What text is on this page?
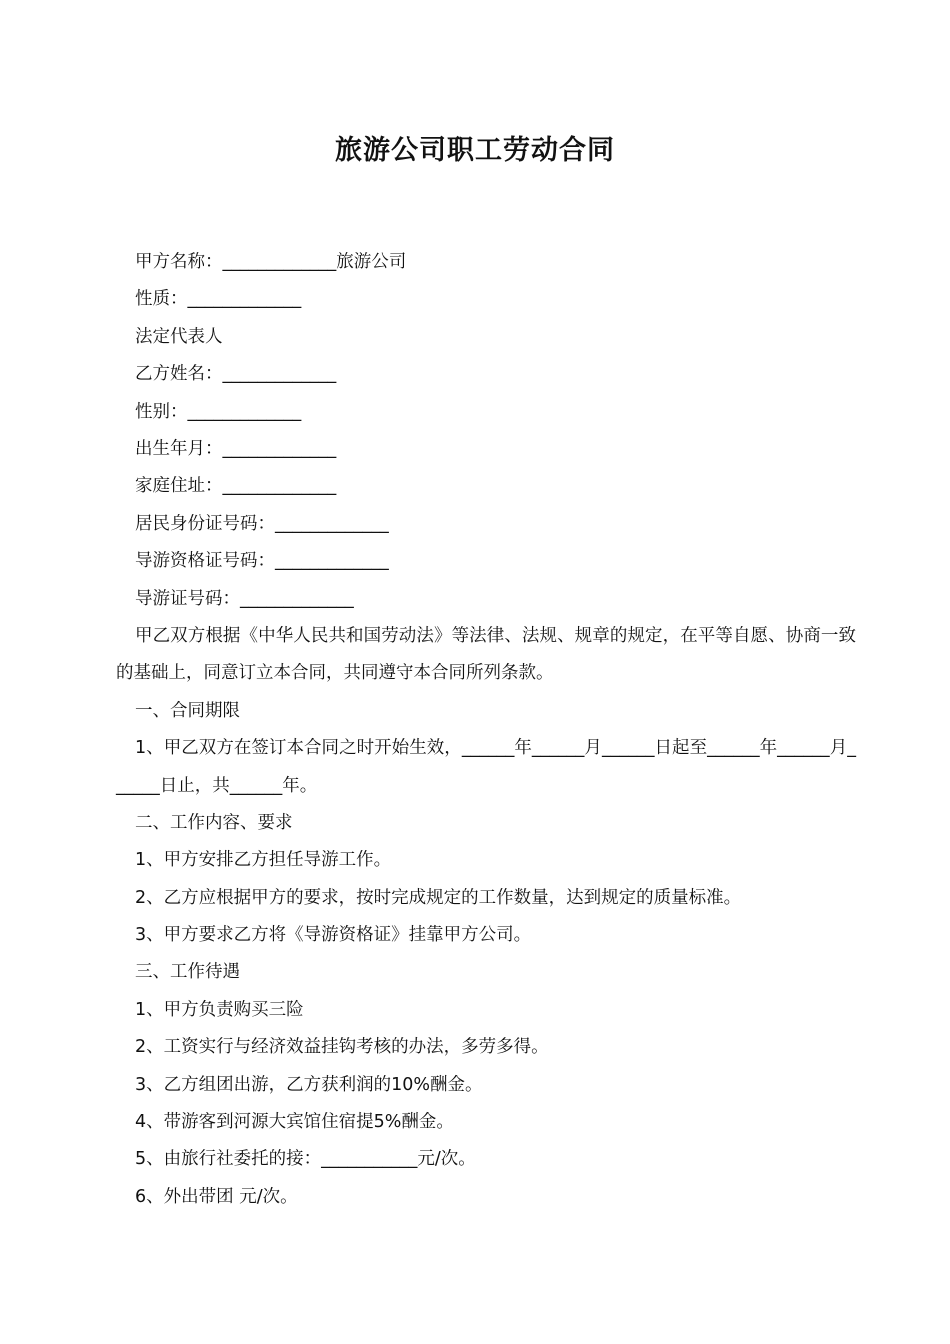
旅游公司职工劳动合同
甲方名称：_____________旅游公司
性质：_____________
法定代表人
乙方姓名：_____________
性别：_____________
出生年月：_____________
家庭住址：_____________
居民身份证号码：_____________
导游资格证号码：_____________
导游证号码：_____________
甲乙双方根据《中华人民共和国劳动法》等法律、法规、规章的规定，在平等自愿、协商一致的基础上，同意订立本合同，共同遵守本合同所列条款。
一、合同期限
1、甲乙双方在签订本合同之时开始生效，______年______月______日起至______年______月______日止，共______年。
二、工作内容、要求
1、甲方安排乙方担任导游工作。
2、乙方应根据甲方的要求，按时完成规定的工作数量，达到规定的质量标准。
3、甲方要求乙方将《导游资格证》挂靠甲方公司。
三、工作待遇
1、甲方负责购买三险
2、工资实行与经济效益挂钩考核的办法，多劳多得。
3、乙方组团出游，乙方获利润的10%酬金。
4、带游客到河源大宾馆住宿提5%酬金。
5、由旅行社委托的接：___________元/次。
6、外出带团 元/次。
